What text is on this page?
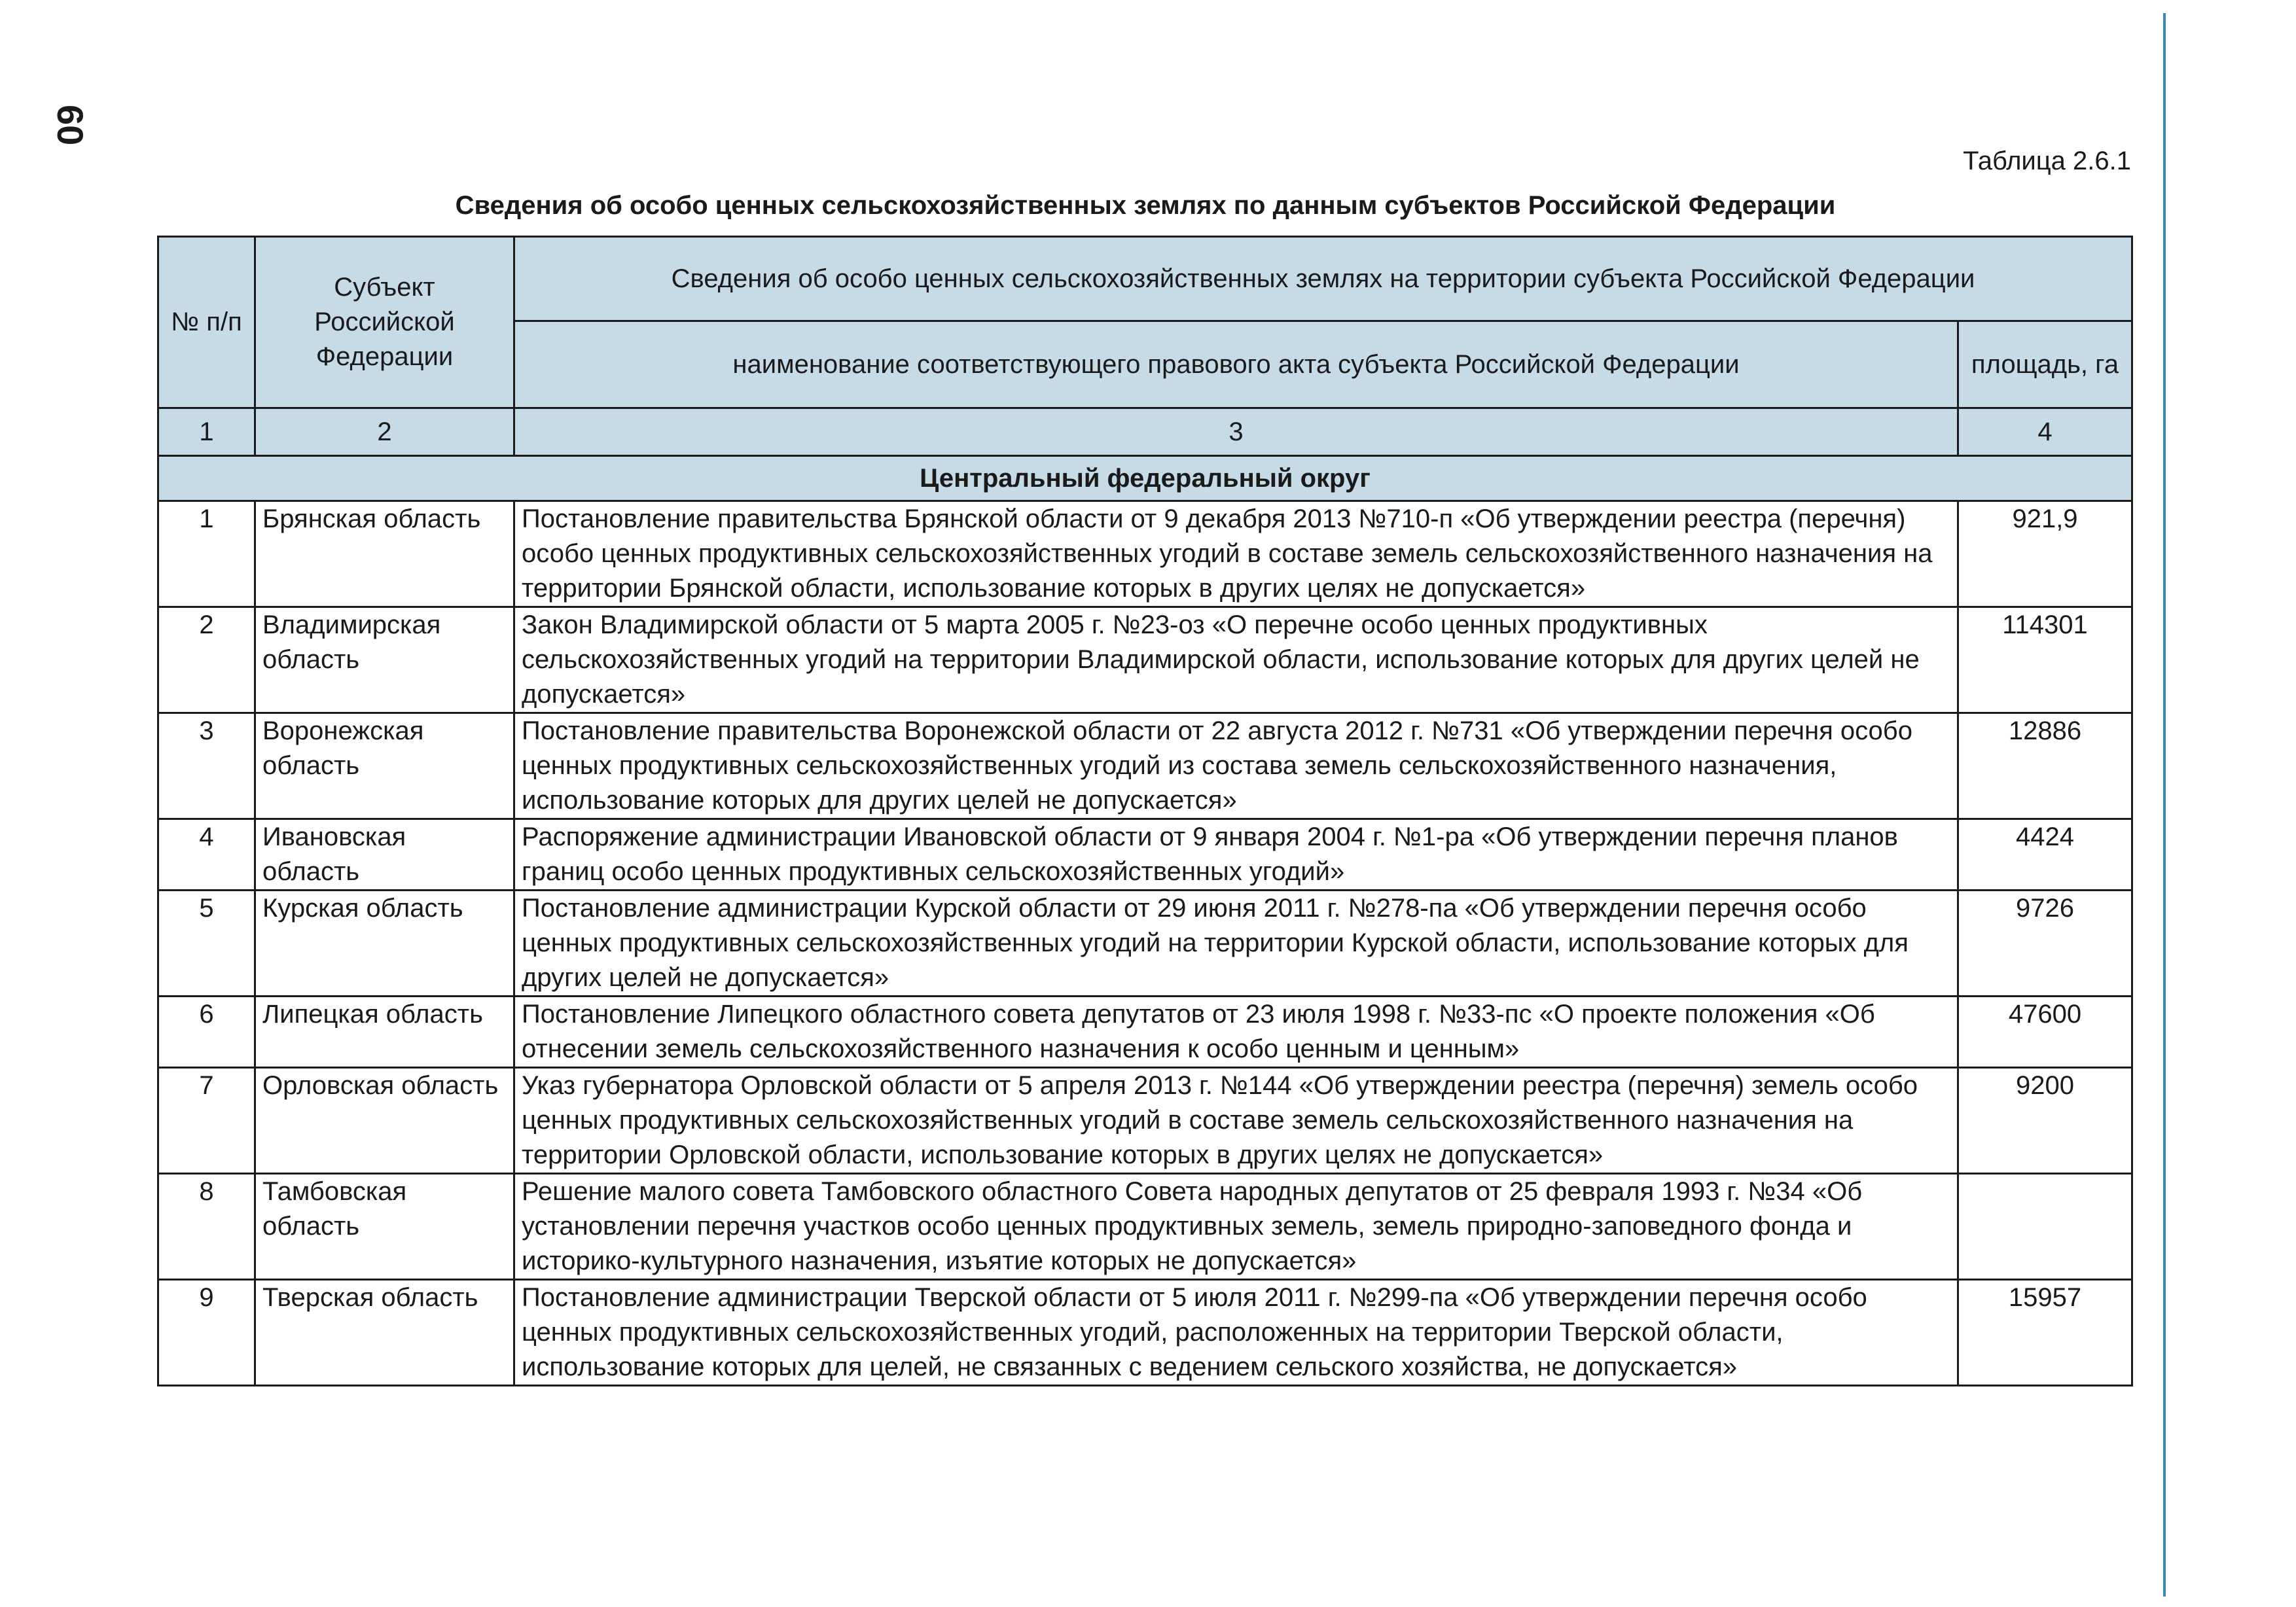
60
Таблица 2.6.1
Сведения об особо ценных сельскохозяйственных землях по данным субъектов Российской Федерации
№ п/п	Субъект Российской Федерации	Сведения об особо ценных сельскохозяйственных землях на территории субъекта Российской Федерации	
		наименование соответствующего правового акта субъекта Российской Федерации	площадь, га
1	2	3	4
Центральный федеральный округ			
1	Брянская область	Постановление правительства Брянской области от 9 декабря 2013 №710-п «Об утверждении реестра (перечня) особо ценных продуктивных сельскохозяйственных угодий в составе земель сельскохозяйственного назначения на территории Брянской области, использование которых в других целях не допускается»	921,9
2	Владимирская область	Закон Владимирской области от 5 марта 2005 г. №23-оз «О перечне особо ценных продуктивных сельскохозяйственных угодий на территории Владимирской области, использование которых для других целей не допускается»	114301
3	Воронежская область	Постановление правительства Воронежской области от 22 августа 2012 г. №731 «Об утверждении перечня особо ценных продуктивных сельскохозяйственных угодий из состава земель сельскохозяйственного назначения, использование которых для других целей не допускается»	12886
4	Ивановская область	Распоряжение администрации Ивановской области от 9 января 2004 г. №1-ра «Об утверждении перечня планов границ особо ценных продуктивных сельскохозяйственных угодий»	4424
5	Курская область	Постановление администрации Курской области от 29 июня 2011 г. №278-па «Об утверждении перечня особо ценных продуктивных сельскохозяйственных угодий на территории Курской области, использование которых для других целей не допускается»	9726
6	Липецкая область	Постановление Липецкого областного совета депутатов от 23 июля 1998 г. №33-пс «О проекте положения «Об отнесении земель сельскохозяйственного назначения к особо ценным и ценным»	47600
7	Орловская область	Указ губернатора Орловской области от 5 апреля 2013 г. №144 «Об утверждении реестра (перечня) земель особо ценных продуктивных сельскохозяйственных угодий в составе земель сельскохозяйственного назначения на территории Орловской области, использование которых в других целях не допускается»	9200
8	Тамбовская область	Решение малого совета Тамбовского областного Совета народных депутатов от 25 февраля 1993 г. №34 «Об установлении перечня участков особо ценных продуктивных земель, земель природно-заповедного фонда и историко-культурного назначения, изъятие которых не допускается»	
9	Тверская область	Постановление администрации Тверской области от 5 июля 2011 г. №299-па «Об утверждении перечня особо ценных продуктивных сельскохозяйственных угодий, расположенных на территории Тверской области, использование которых для целей, не связанных с ведением сельского хозяйства, не допускается»	15957
